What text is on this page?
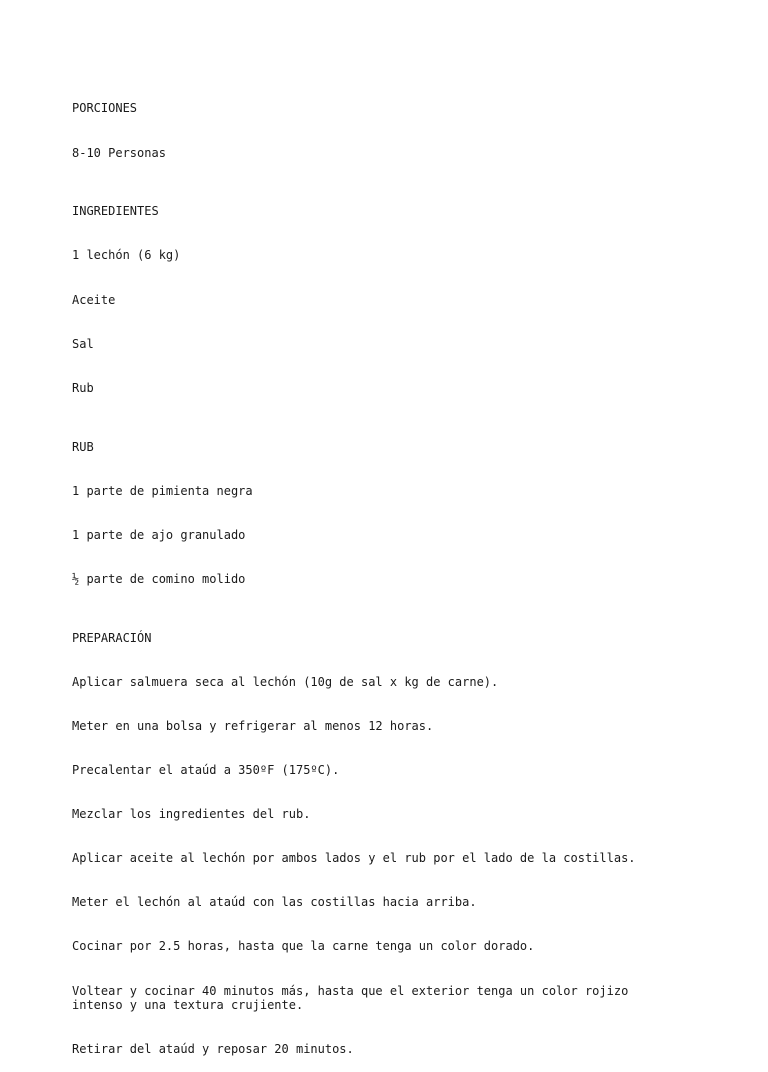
PORCIONES

8-10 Personas

INGREDIENTES

1 lechón (6 kg)

Aceite

Sal

Rub

RUB

1 parte de pimienta negra

1 parte de ajo granulado

½ parte de comino molido

PREPARACIÓN

Aplicar salmuera seca al lechón (10g de sal x kg de carne).

Meter en una bolsa y refrigerar al menos 12 horas.

Precalentar el ataúd a 350ºF (175ºC).

Mezclar los ingredientes del rub.

Aplicar aceite al lechón por ambos lados y el rub por el lado de la costillas.

Meter el lechón al ataúd con las costillas hacia arriba.

Cocinar por 2.5 horas, hasta que la carne tenga un color dorado.

Voltear y cocinar 40 minutos más, hasta que el exterior tenga un color rojizo
intenso y una textura crujiente.

Retirar del ataúd y reposar 20 minutos.
